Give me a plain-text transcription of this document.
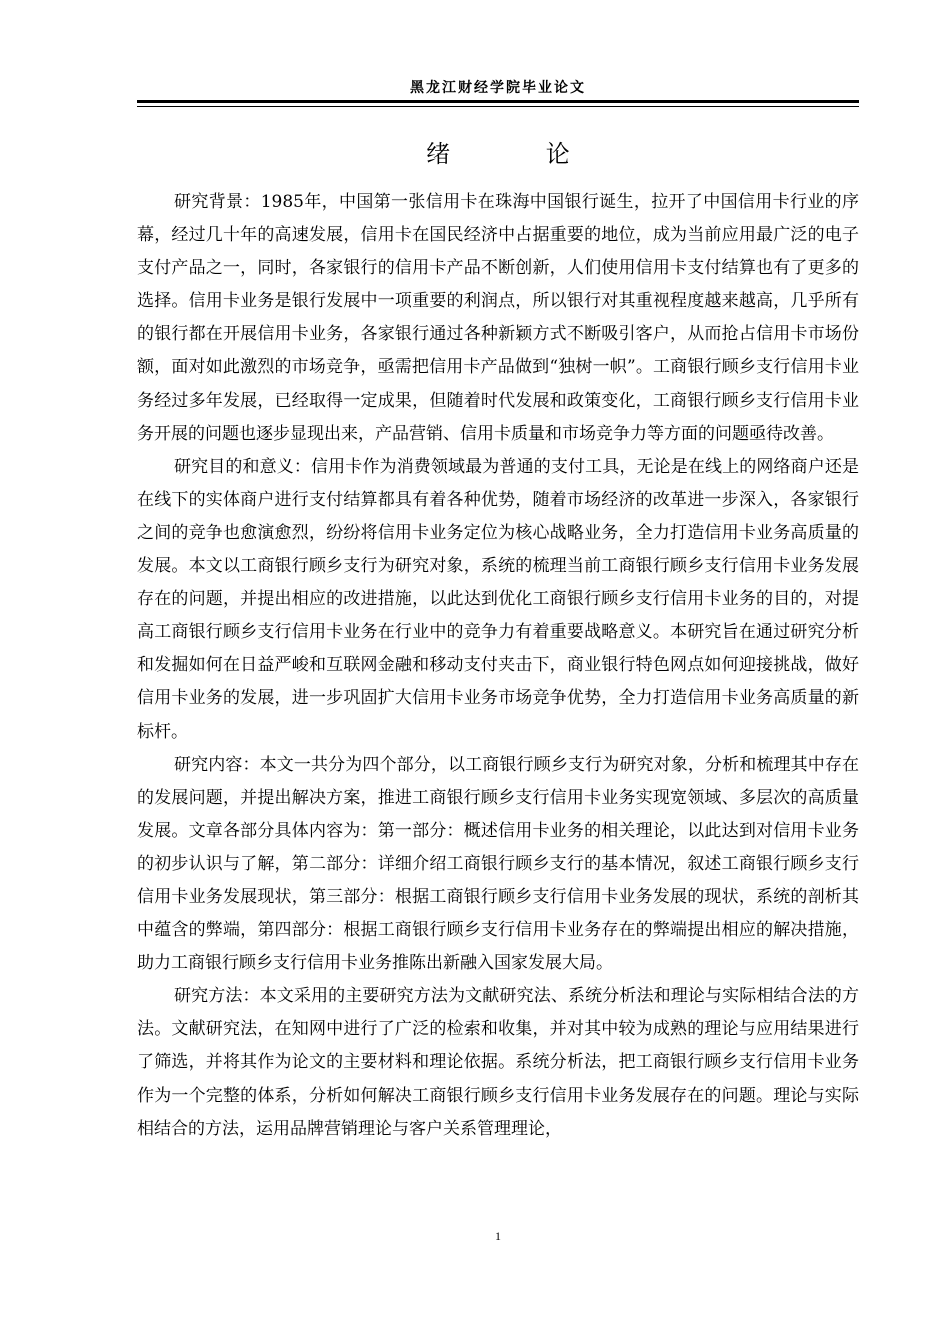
黑龙江财经学院毕业论文
绪 论

研究背景：1985年，中国第一张信用卡在珠海中国银行诞生，拉开了中国信用卡行业的序幕，经过几十年的高速发展，信用卡在国民经济中占据重要的地位，成为当前应用最广泛的电子支付产品之一，同时，各家银行的信用卡产品不断创新，人们使用信用卡支付结算也有了更多的选择。信用卡业务是银行发展中一项重要的利润点，所以银行对其重视程度越来越高，几乎所有的银行都在开展信用卡业务，各家银行通过各种新颖方式不断吸引客户，从而抢占信用卡市场份额，面对如此激烈的市场竞争，亟需把信用卡产品做到“独树一帜”。工商银行顾乡支行信用卡业务经过多年发展，已经取得一定成果，但随着时代发展和政策变化，工商银行顾乡支行信用卡业务开展的问题也逐步显现出来，产品营销、信用卡质量和市场竞争力等方面的问题亟待改善。

研究目的和意义：信用卡作为消费领域最为普通的支付工具，无论是在线上的网络商户还是在线下的实体商户进行支付结算都具有着各种优势，随着市场经济的改革进一步深入，各家银行之间的竞争也愈演愈烈，纷纷将信用卡业务定位为核心战略业务，全力打造信用卡业务高质量的发展。本文以工商银行顾乡支行为研究对象，系统的梳理当前工商银行顾乡支行信用卡业务发展存在的问题，并提出相应的改进措施，以此达到优化工商银行顾乡支行信用卡业务的目的，对提高工商银行顾乡支行信用卡业务在行业中的竞争力有着重要战略意义。本研究旨在通过研究分析和发掘如何在日益严峻和互联网金融和移动支付夹击下，商业银行特色网点如何迎接挑战，做好信用卡业务的发展，进一步巩固扩大信用卡业务市场竞争优势，全力打造信用卡业务高质量的新标杆。

研究内容：本文一共分为四个部分，以工商银行顾乡支行为研究对象，分析和梳理其中存在的发展问题，并提出解决方案，推进工商银行顾乡支行信用卡业务实现宽领域、多层次的高质量发展。文章各部分具体内容为：第一部分：概述信用卡业务的相关理论，以此达到对信用卡业务的初步认识与了解，第二部分：详细介绍工商银行顾乡支行的基本情况，叙述工商银行顾乡支行信用卡业务发展现状，第三部分：根据工商银行顾乡支行信用卡业务发展的现状，系统的剖析其中蕴含的弊端，第四部分：根据工商银行顾乡支行信用卡业务存在的弊端提出相应的解决措施，助力工商银行顾乡支行信用卡业务推陈出新融入国家发展大局。

研究方法：本文采用的主要研究方法为文献研究法、系统分析法和理论与实际相结合法的方法。文献研究法，在知网中进行了广泛的检索和收集，并对其中较为成熟的理论与应用结果进行了筛选，并将其作为论文的主要材料和理论依据。系统分析法，把工商银行顾乡支行信用卡业务作为一个完整的体系，分析如何解决工商银行顾乡支行信用卡业务发展存在的问题。理论与实际相结合的方法，运用品牌营销理论与客户关系管理理论，

1
